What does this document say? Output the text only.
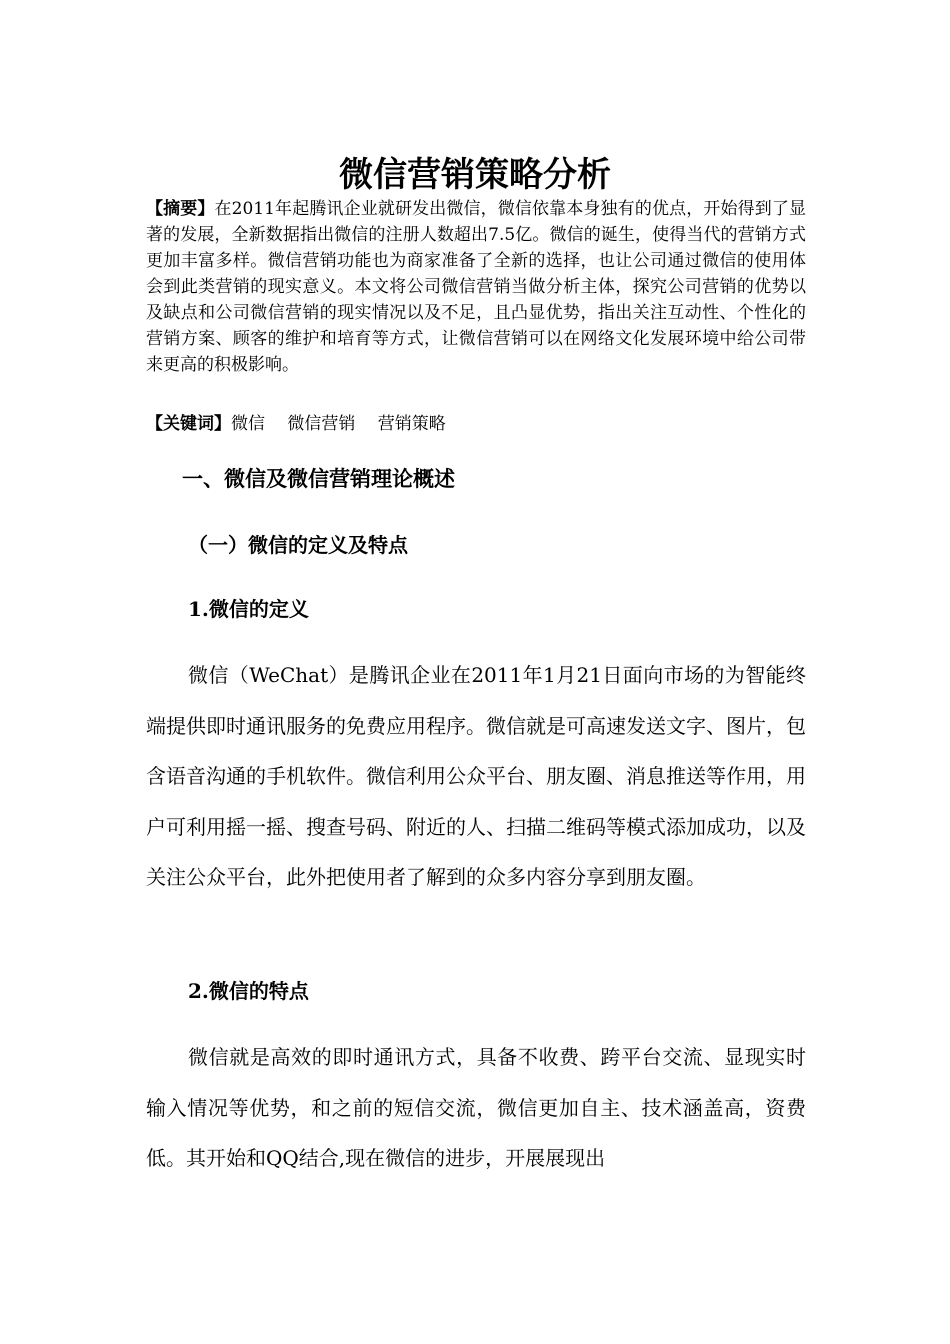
微信营销策略分析

【摘要】在2011年起腾讯企业就研发出微信，微信依靠本身独有的优点，开始得到了显著的发展，全新数据指出微信的注册人数超出7.5亿。微信的诞生，使得当代的营销方式更加丰富多样。微信营销功能也为商家准备了全新的选择，也让公司通过微信的使用体会到此类营销的现实意义。本文将公司微信营销当做分析主体，探究公司营销的优势以及缺点和公司微信营销的现实情况以及不足，且凸显优势，指出关注互动性、个性化的营销方案、顾客的维护和培育等方式，让微信营销可以在网络文化发展环境中给公司带来更高的积极影响。

【关键词】微信　 微信营销　 营销策略

一、微信及微信营销理论概述
（一）微信的定义及特点
1.微信的定义

微信（WeChat）是腾讯企业在2011年1月21日面向市场的为智能终端提供即时通讯服务的免费应用程序。微信就是可高速发送文字、图片，包含语音沟通的手机软件。微信利用公众平台、朋友圈、消息推送等作用，用户可利用摇一摇、搜查号码、附近的人、扫描二维码等模式添加成功，以及关注公众平台，此外把使用者了解到的众多内容分享到朋友圈。

2.微信的特点

微信就是高效的即时通讯方式，具备不收费、跨平台交流、显现实时输入情况等优势，和之前的短信交流，微信更加自主、技术涵盖高，资费低。其开始和QQ结合,现在微信的进步，开展展现出
